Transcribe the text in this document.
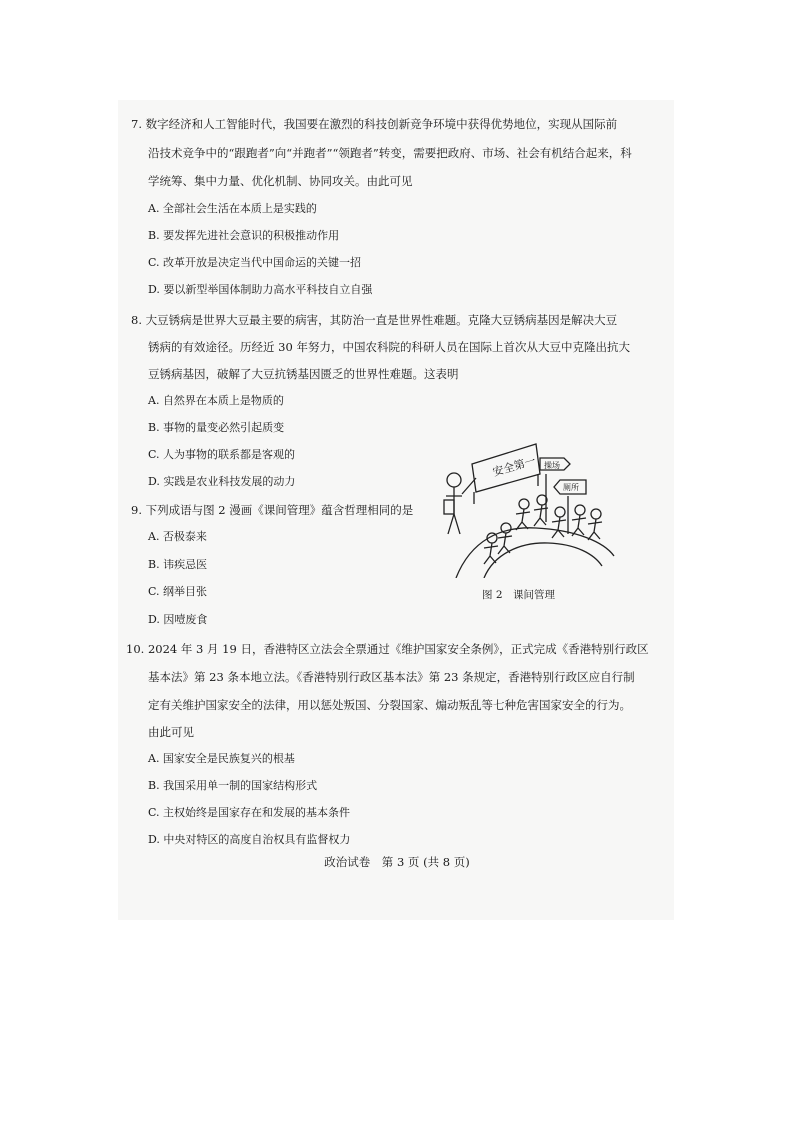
7. 数字经济和人工智能时代，我国要在激烈的科技创新竞争环境中获得优势地位，实现从国际前
沿技术竞争中的“跟跑者”向“并跑者”“领跑者”转变，需要把政府、市场、社会有机结合起来，科
学统筹、集中力量、优化机制、协同攻关。由此可见
A. 全部社会生活在本质上是实践的
B. 要发挥先进社会意识的积极推动作用
C. 改革开放是决定当代中国命运的关键一招
D. 要以新型举国体制助力高水平科技自立自强
8. 大豆锈病是世界大豆最主要的病害，其防治一直是世界性难题。克隆大豆锈病基因是解决大豆
锈病的有效途径。历经近 30 年努力，中国农科院的科研人员在国际上首次从大豆中克隆出抗大
豆锈病基因，破解了大豆抗锈基因匮乏的世界性难题。这表明
A. 自然界在本质上是物质的
B. 事物的量变必然引起质变
C. 人为事物的联系都是客观的
D. 实践是农业科技发展的动力
9. 下列成语与图 2 漫画《课间管理》蕴含哲理相同的是
A. 否极泰来
B. 讳疾忌医
C. 纲举目张
D. 因噎废食
安全第一 操场
厕所
图 2　课间管理
10. 2024 年 3 月 19 日，香港特区立法会全票通过《维护国家安全条例》，正式完成《香港特别行政区
基本法》第 23 条本地立法。《香港特别行政区基本法》第 23 条规定，香港特别行政区应自行制
定有关维护国家安全的法律，用以惩处叛国、分裂国家、煽动叛乱等七种危害国家安全的行为。
由此可见
A. 国家安全是民族复兴的根基
B. 我国采用单一制的国家结构形式
C. 主权始终是国家存在和发展的基本条件
D. 中央对特区的高度自治权具有监督权力
政治试卷　第 3 页 (共 8 页)
